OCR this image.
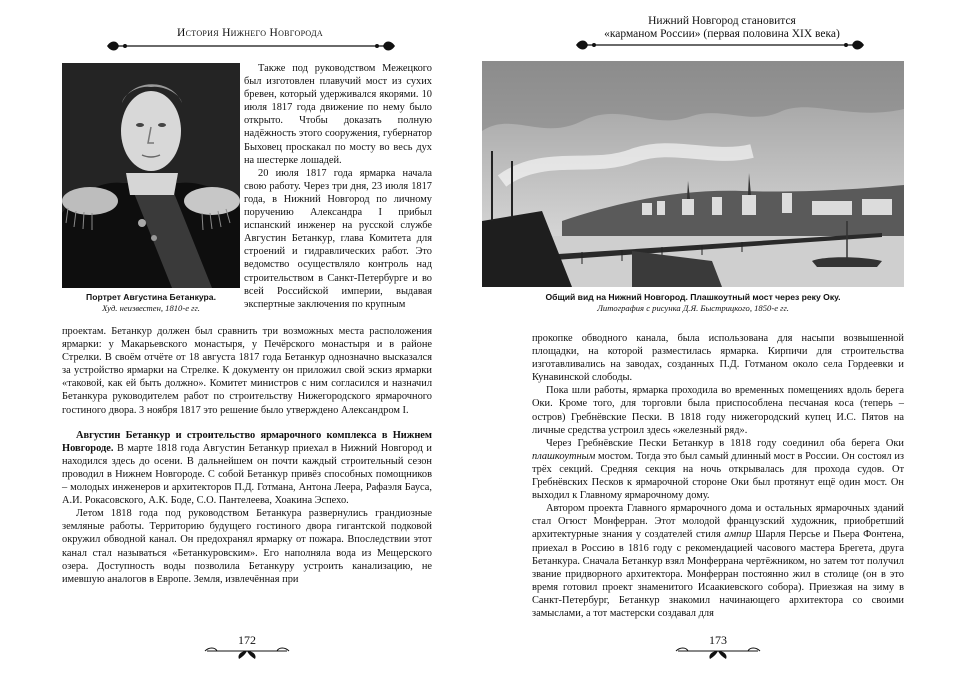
История Нижнего Новгорода
Портрет Августина Бетанкура.
Худ. неизвестен, 1810-е гг.

Также под руководством Межецкого был изготовлен плавучий мост из сухих бревен, который удерживался якорями. 10 июля 1817 года движение по нему было открыто. Чтобы доказать полную надёжность этого сооружения, губернатор Быховец проскакал по мосту во весь дух на шестерке лошадей.

20 июля 1817 года ярмарка начала свою работу. Через три дня, 23 июля 1817 года, в Нижний Новгород по личному поручению Александра I прибыл испанский инженер на русской службе Августин Бетанкур, глава Комитета для строений и гидравлических работ. Это ведомство осуществляло контроль над строительством в Санкт-Петербурге и во всей Российской империи, выдавая экспертные заключения по крупным

проектам. Бетанкур должен был сравнить три возможных места расположения ярмарки: у Макарьевского монастыря, у Печёрского монастыря и в районе Стрелки. В своём отчёте от 18 августа 1817 года Бетанкур однозначно высказался за устройство ярмарки на Стрелке. К документу он приложил свой эскиз ярмарки «таковой, как ей быть должно». Комитет министров с ним согласился и назначил Бетанкура руководителем работ по строительству Нижегородского ярмарочного гостиного двора. 3 ноября 1817 это решение было утверждено Александром I.

Августин Бетанкур и строительство ярмарочного комплекса в Нижнем Новгороде. В марте 1818 года Августин Бетанкур приехал в Нижний Новгород и находился здесь до осени. В дальнейшем он почти каждый строительный сезон проводил в Нижнем Новгороде. С собой Бетанкур привёз способных помощников – молодых инженеров и архитекторов П.Д. Готмана, Антона Леера, Рафаэля Бауса, А.И. Рокасовского, А.К. Боде, С.О. Пантелеева, Хоакина Эспехо.

Летом 1818 года под руководством Бетанкура развернулись грандиозные земляные работы. Территорию будущего гостиного двора гигантской подковой окружил обводной канал. Он предохранял ярмарку от пожара. Впоследствии этот канал стал называться «Бетанкуровским». Его наполняла вода из Мещерского озера. Доступность воды позволила Бетанкуру устроить канализацию, не имевшую аналогов в Европе. Земля, извлечённая при

172
Нижний Новгород становится
«карманом России» (первая половина XIX века)
Общий вид на Нижний Новгород. Плашкоутный мост через реку Оку.
Литография с рисунка Д.Я. Быстрицкого, 1850-е гг.

прокопке обводного канала, была использована для насыпи возвышенной площадки, на которой разместилась ярмарка. Кирпичи для строительства изготавливались на заводах, созданных П.Д. Готманом около села Гордеевки и Кунавинской слободы.

Пока шли работы, ярмарка проходила во временных помещениях вдоль берега Оки. Кроме того, для торговли была приспособлена песчаная коса (теперь – остров) Гребнёвские Пески. В 1818 году нижегородский купец И.С. Пятов на личные средства устроил здесь «железный ряд».

Через Гребнёвские Пески Бетанкур в 1818 году соединил оба берега Оки плашкоутным мостом. Тогда это был самый длинный мост в России. Он состоял из трёх секций. Средняя секция на ночь открывалась для прохода судов. От Гребнёвских Песков к ярмарочной стороне Оки был протянут ещё один мост. Он выходил к Главному ярмарочному дому.

Автором проекта Главного ярмарочного дома и остальных ярмарочных зданий стал Огюст Монферран. Этот молодой французский художник, приобретший архитектурные знания у создателей стиля ампир Шарля Персье и Пьера Фонтена, приехал в Россию в 1816 году с рекомендацией часового мастера Брегета, друга Бетанкура. Сначала Бетанкур взял Монферрана чертёжником, но затем тот получил звание придворного архитектора. Монферран постоянно жил в столице (он в это время готовил проект знаменитого Исаакиевского собора). Приезжая на зиму в Санкт-Петербург, Бетанкур знакомил начинающего архитектора со своими замыслами, а тот мастерски создавал для

173
